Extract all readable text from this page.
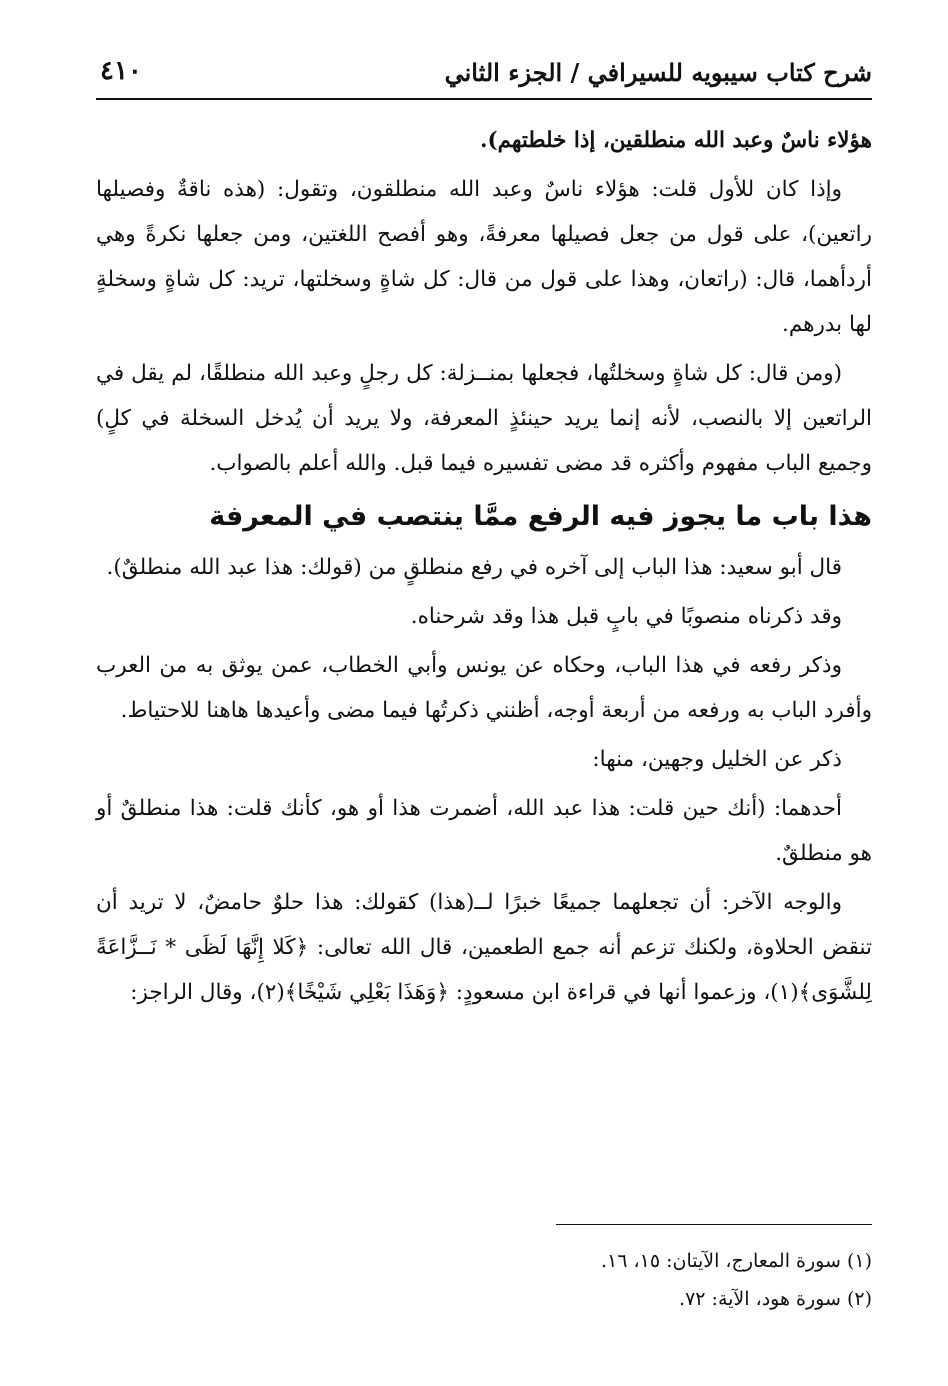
شرح كتاب سيبويه للسيرافي / الجزء الثاني
٤١٠

هؤلاء ناسٌ وعبد الله منطلقين، إذا خلطتهم).

وإذا كان للأول قلت: هؤلاء ناسٌ وعبد الله منطلقون، وتقول: (هذه ناقةٌ وفصيلها راتعين)، على قول من جعل فصيلها معرفةً، وهو أفصح اللغتين، ومن جعلها نكرةً وهي أردأهما، قال: (راتعان، وهذا على قول من قال: كل شاةٍ وسخلتها، تريد: كل شاةٍ وسخلةٍ لها بدرهم.

(ومن قال: كل شاةٍ وسخلتُها، فجعلها بمنــزلة: كل رجلٍ وعبد الله منطلقًا، لم يقل في الراتعين إلا بالنصب، لأنه إنما يريد حينئذٍ المعرفة، ولا يريد أن يُدخل السخلة في كلٍ) وجميع الباب مفهوم وأكثره قد مضى تفسيره فيما قبل. والله أعلم بالصواب.

هذا باب ما يجوز فيه الرفع ممَّا ينتصب في المعرفة

قال أبو سعيد: هذا الباب إلى آخره في رفع منطلقٍ من (قولك: هذا عبد الله منطلقٌ).

وقد ذكرناه منصوبًا في بابٍ قبل هذا وقد شرحناه.

وذكر رفعه في هذا الباب، وحكاه عن يونس وأبي الخطاب، عمن يوثق به من العرب وأفرد الباب به ورفعه من أربعة أوجه، أظنني ذكرتُها فيما مضى وأعيدها هاهنا للاحتياط.

ذكر عن الخليل وجهين، منها:

أحدهما: (أنك حين قلت: هذا عبد الله، أضمرت هذا أو هو، كأنك قلت: هذا منطلقٌ أو هو منطلقٌ.

والوجه الآخر: أن تجعلهما جميعًا خبرًا لــ(هذا) كقولك: هذا حلوٌ حامضٌ، لا تريد أن تنقض الحلاوة، ولكنك تزعم أنه جمع الطعمين، قال الله تعالى: ﴿كَلا إِنَّهَا لَظَى * نَــزَّاعَةً لِلشَّوَى﴾(١)، وزعموا أنها في قراءة ابن مسعودٍ: ﴿وَهَذَا بَعْلِي شَيْخًا﴾(٢)، وقال الراجز:

(١) سورة المعارج، الآيتان: ١٥، ١٦.

(٢) سورة هود، الآية: ٧٢.
